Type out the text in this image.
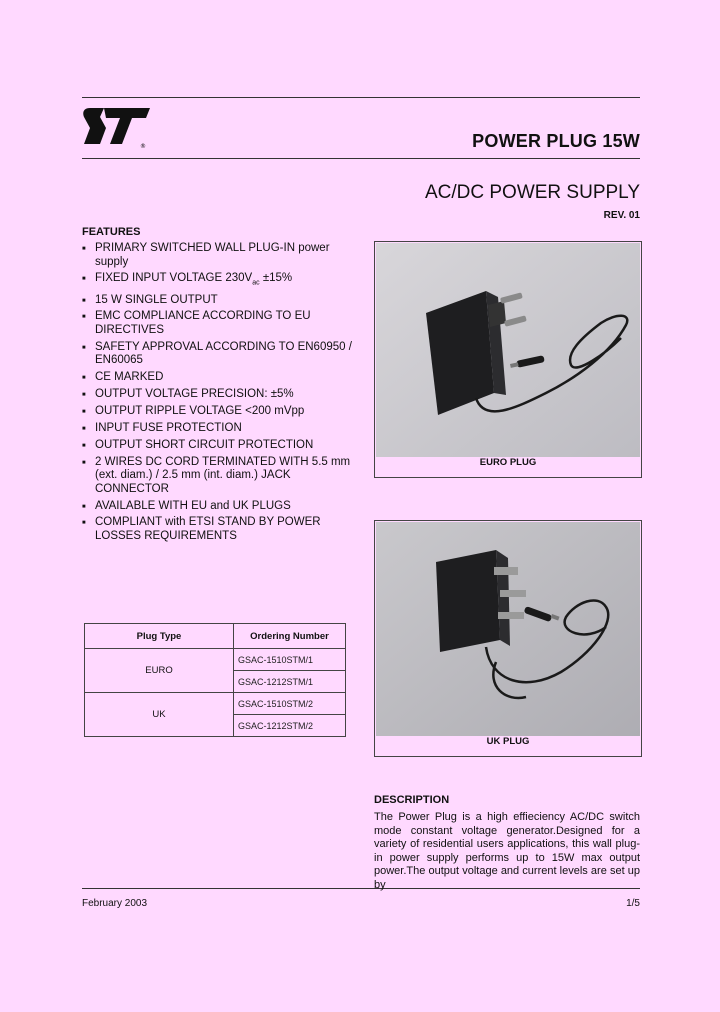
®
ST
POWER PLUG 15W
AC/DC POWER SUPPLY
REV. 01
FEATURES
■ PRIMARY SWITCHED WALL PLUG-IN power supply
■ FIXED INPUT VOLTAGE $230V_{ac} \pm 15\%$
■ 15 W SINGLE OUTPUT
■ EMC COMPLIANCE ACCORDING TO EU DIRECTIVES
■ SAFETY APPROVAL ACCORDING TO EN60950 / EN60065
■ CE MARKED
■ OUTPUT VOLTAGE PRECISION: ±5%
■ OUTPUT RIPPLE VOLTAGE <200 mVpp
■ INPUT FUSE PROTECTION
■ OUTPUT SHORT CIRCUIT PROTECTION
■ 2 WIRES DC CORD TERMINATED WITH 5.5 mm (ext. diam.) / 2.5 mm (int. diam.) JACK CONNECTOR
■ AVAILABLE WITH EU and UK PLUGS
■ COMPLIANT with ETSI STAND BY POWER LOSSES REQUIREMENTS
Plug Type	Ordering Number
EURO	GSAC-1510STM/1
	GSAC-1212STM/1
UK	GSAC-1510STM/2
	GSAC-1212STM/2
EURO PLUG
UK PLUG
DESCRIPTION
The Power Plug is a high effieciency AC/DC switch mode constant voltage generator.Designed for a variety of residential users applications, this wall plug-in power supply performs up to 15W max output power.The output voltage and current levels are set up by
February 2003	1/5
